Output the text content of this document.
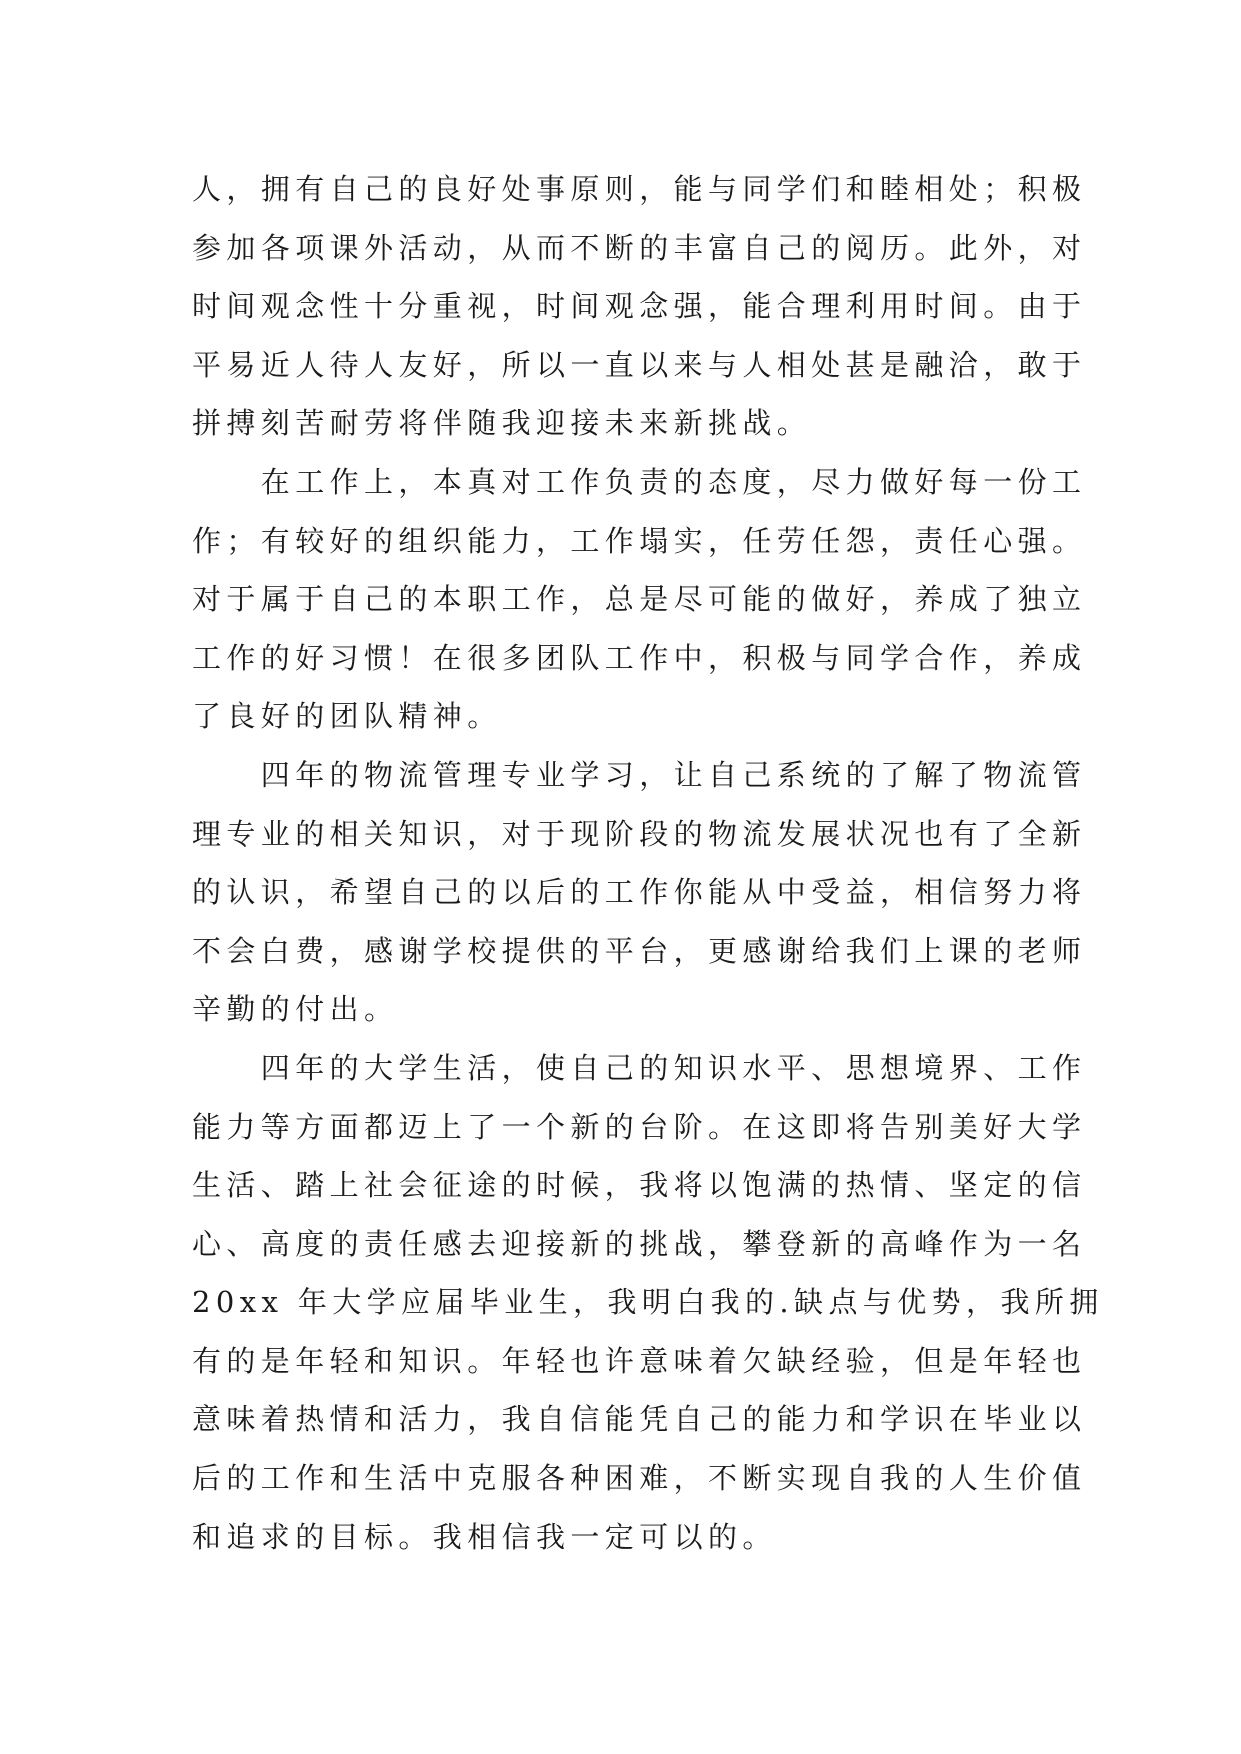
人，拥有自己的良好处事原则，能与同学们和睦相处；积极
参加各项课外活动，从而不断的丰富自己的阅历。此外，对
时间观念性十分重视，时间观念强，能合理利用时间。由于
平易近人待人友好，所以一直以来与人相处甚是融洽，敢于
拼搏刻苦耐劳将伴随我迎接未来新挑战。

　　在工作上，本真对工作负责的态度，尽力做好每一份工
作；有较好的组织能力，工作塌实，任劳任怨，责任心强。
对于属于自己的本职工作，总是尽可能的做好，养成了独立
工作的好习惯！在很多团队工作中，积极与同学合作，养成
了良好的团队精神。

　　四年的物流管理专业学习，让自己系统的了解了物流管
理专业的相关知识，对于现阶段的物流发展状况也有了全新
的认识，希望自己的以后的工作你能从中受益，相信努力将
不会白费，感谢学校提供的平台，更感谢给我们上课的老师
辛勤的付出。

　　四年的大学生活，使自己的知识水平、思想境界、工作
能力等方面都迈上了一个新的台阶。在这即将告别美好大学
生活、踏上社会征途的时候，我将以饱满的热情、坚定的信
心、高度的责任感去迎接新的挑战，攀登新的高峰作为一名
20xx 年大学应届毕业生，我明白我的.缺点与优势，我所拥
有的是年轻和知识。年轻也许意味着欠缺经验，但是年轻也
意味着热情和活力，我自信能凭自己的能力和学识在毕业以
后的工作和生活中克服各种困难，不断实现自我的人生价值
和追求的目标。我相信我一定可以的。
